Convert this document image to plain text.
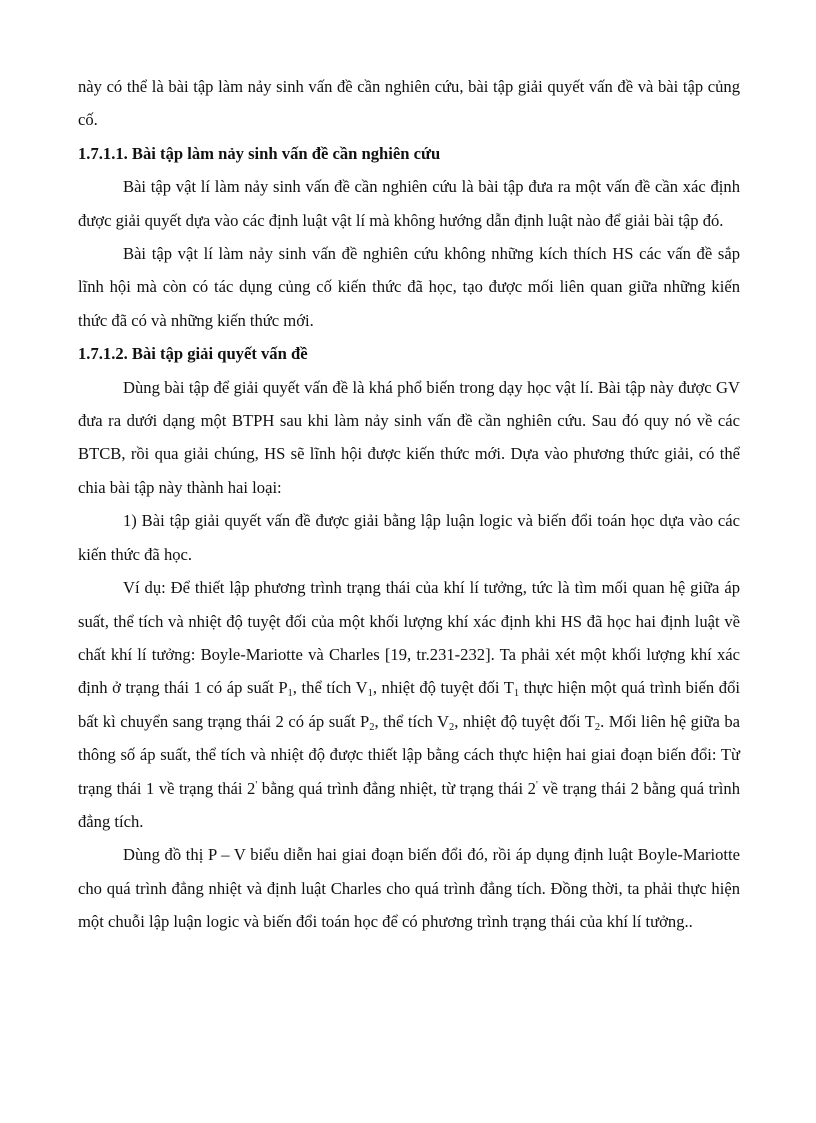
này có thể là bài tập làm nảy sinh vấn đề cần nghiên cứu, bài tập giải quyết vấn đề và bài tập củng cố.

1.7.1.1. Bài tập làm nảy sinh vấn đề cần nghiên cứu

Bài tập vật lí làm nảy sinh vấn đề cần nghiên cứu là bài tập đưa ra một vấn đề cần xác định được giải quyết dựa vào các định luật vật lí mà không hướng dẫn định luật nào để giải bài tập đó.

Bài tập vật lí làm nảy sinh vấn đề nghiên cứu không những kích thích HS các vấn đề sắp lĩnh hội mà còn có tác dụng củng cố kiến thức đã học, tạo được mối liên quan giữa những kiến thức đã có và những kiến thức mới.

1.7.1.2. Bài tập giải quyết vấn đề

Dùng bài tập để giải quyết vấn đề là khá phổ biến trong dạy học vật lí. Bài tập này được GV đưa ra dưới dạng một BTPH sau khi làm nảy sinh vấn đề cần nghiên cứu. Sau đó quy nó về các BTCB, rồi qua giải chúng, HS sẽ lĩnh hội được kiến thức mới. Dựa vào phương thức giải, có thể chia bài tập này thành hai loại:

1) Bài tập giải quyết vấn đề được giải bằng lập luận logic và biến đổi toán học dựa vào các kiến thức đã học.

Ví dụ: Để thiết lập phương trình trạng thái của khí lí tưởng, tức là tìm mối quan hệ giữa áp suất, thể tích và nhiệt độ tuyệt đối của một khối lượng khí xác định khi HS đã học hai định luật về chất khí lí tưởng: Boyle-Mariotte và Charles [19, tr.231-232]. Ta phải xét một khối lượng khí xác định ở trạng thái 1 có áp suất $P_1$, thể tích $V_1$, nhiệt độ tuyệt đối $T_1$ thực hiện một quá trình biến đổi bất kì chuyển sang trạng thái 2 có áp suất $P_2$, thể tích $V_2$, nhiệt độ tuyệt đối $T_2$. Mối liên hệ giữa ba thông số áp suất, thể tích và nhiệt độ được thiết lập bằng cách thực hiện hai giai đoạn biến đổi: Từ trạng thái 1 về trạng thái 2' bằng quá trình đẳng nhiệt, từ trạng thái 2' về trạng thái 2 bằng quá trình đẳng tích.

Dùng đồ thị P – V biểu diễn hai giai đoạn biến đổi đó, rồi áp dụng định luật Boyle-Mariotte cho quá trình đẳng nhiệt và định luật Charles cho quá trình đẳng tích. Đồng thời, ta phải thực hiện một chuỗi lập luận logic và biến đổi toán học để có phương trình trạng thái của khí lí tưởng..
